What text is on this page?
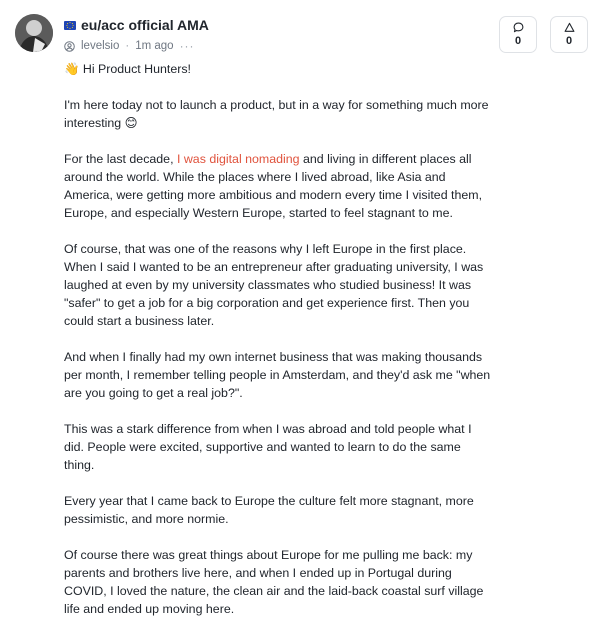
eu/acc official AMA
levelsio · 1m ago ···	0	0

👋 Hi Product Hunters!

I'm here today not to launch a product, but in a way for something much more interesting 😊

For the last decade, I was digital nomading and living in different places all around the world. While the places where I lived abroad, like Asia and America, were getting more ambitious and modern every time I visited them, Europe, and especially Western Europe, started to feel stagnant to me.

Of course, that was one of the reasons why I left Europe in the first place. When I said I wanted to be an entrepreneur after graduating university, I was laughed at even by my university classmates who studied business! It was "safer" to get a job for a big corporation and get experience first. Then you could start a business later.

And when I finally had my own internet business that was making thousands per month, I remember telling people in Amsterdam, and they'd ask me "when are you going to get a real job?".

This was a stark difference from when I was abroad and told people what I did. People were excited, supportive and wanted to learn to do the same thing.

Every year that I came back to Europe the culture felt more stagnant, more pessimistic, and more normie.

Of course there was great things about Europe for me pulling me back: my parents and brothers live here, and when I ended up in Portugal during COVID, I loved the nature, the clean air and the laid-back coastal surf village life and ended up moving here.
